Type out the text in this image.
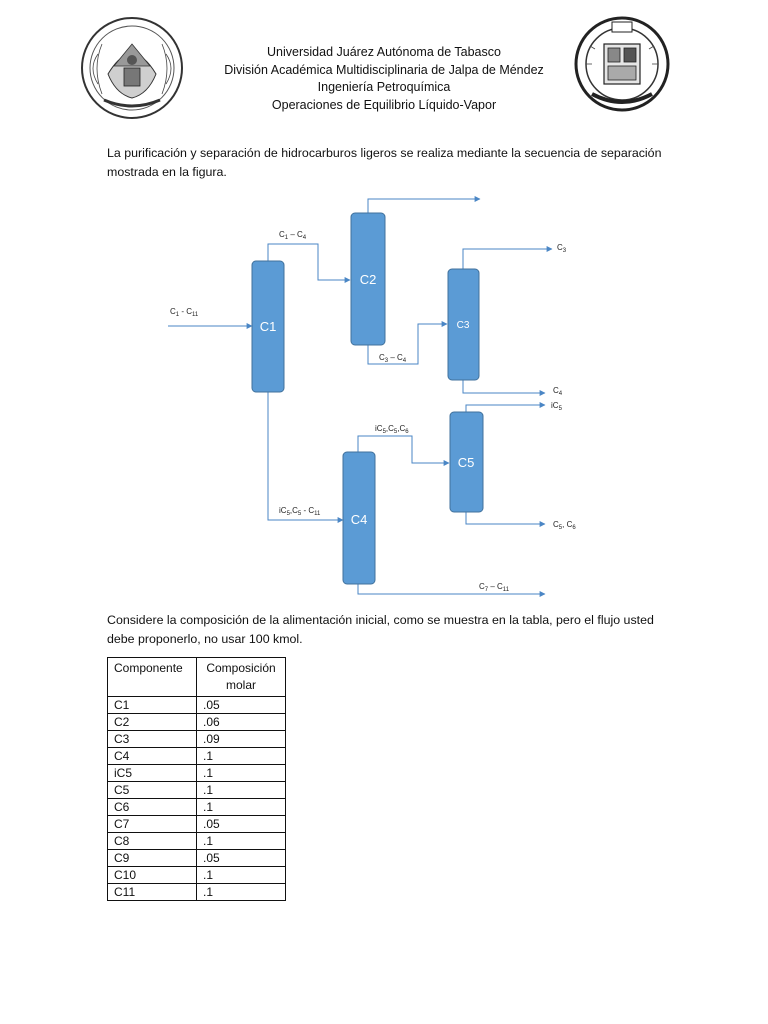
Universidad Juárez Autónoma de Tabasco
División Académica Multidisciplinaria de Jalpa de Méndez
Ingeniería Petroquímica
Operaciones de Equilibrio Líquido-Vapor
La purificación y separación de hidrocarburos ligeros se realiza mediante la secuencia de separación mostrada en la figura.
C1
C2
C3
C4
C5
$C_1 - C_{11}$
$C_1 - C_4$
$C_3 - C_4$
$C_3$
$C_4$
$iC_5,C_5 - C_{11}$
$iC_5,C_5,C_6$
$iC_5$
$C_5$, $C_6$
$C_7 - C_{11}$
Considere la composición de la alimentación inicial, como se muestra en la tabla, pero el flujo usted debe proponerlo, no usar 100 kmol.
Componente	Composición molar
C1	.05
C2	.06
C3	.09
C4	.1
iC5	.1
C5	.1
C6	.1
C7	.05
C8	.1
C9	.05
C10	.1
C11	.1
